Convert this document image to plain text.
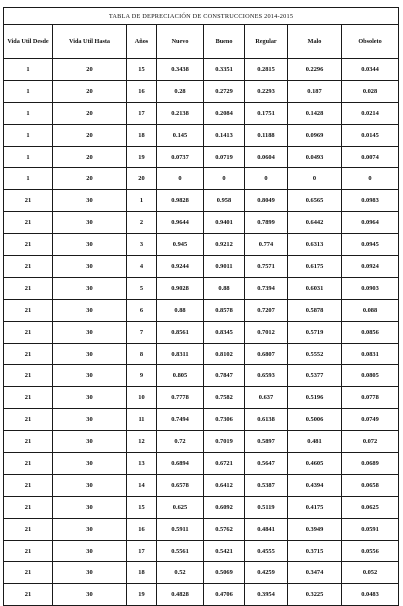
TABLA DE DEPRECIACIÓN DE CONSTRUCCIONES 2014-2015							
Vida Util Desde	Vida Util Hasta	Años	Nuevo	Bueno	Regular	Malo	Obsoleto
1	20	15	0.3438	0.3351	0.2815	0.2296	0.0344
1	20	16	0.28	0.2729	0.2293	0.187	0.028
1	20	17	0.2138	0.2084	0.1751	0.1428	0.0214
1	20	18	0.145	0.1413	0.1188	0.0969	0.0145
1	20	19	0.0737	0.0719	0.0604	0.0493	0.0074
1	20	20	0	0	0	0	0
21	30	1	0.9828	0.958	0.8049	0.6565	0.0983
21	30	2	0.9644	0.9401	0.7899	0.6442	0.0964
21	30	3	0.945	0.9212	0.774	0.6313	0.0945
21	30	4	0.9244	0.9011	0.7571	0.6175	0.0924
21	30	5	0.9028	0.88	0.7394	0.6031	0.0903
21	30	6	0.88	0.8578	0.7207	0.5878	0.088
21	30	7	0.8561	0.8345	0.7012	0.5719	0.0856
21	30	8	0.8311	0.8102	0.6807	0.5552	0.0831
21	30	9	0.805	0.7847	0.6593	0.5377	0.0805
21	30	10	0.7778	0.7582	0.637	0.5196	0.0778
21	30	11	0.7494	0.7306	0.6138	0.5006	0.0749
21	30	12	0.72	0.7019	0.5897	0.481	0.072
21	30	13	0.6894	0.6721	0.5647	0.4605	0.0689
21	30	14	0.6578	0.6412	0.5387	0.4394	0.0658
21	30	15	0.625	0.6092	0.5119	0.4175	0.0625
21	30	16	0.5911	0.5762	0.4841	0.3949	0.0591
21	30	17	0.5561	0.5421	0.4555	0.3715	0.0556
21	30	18	0.52	0.5069	0.4259	0.3474	0.052
21	30	19	0.4828	0.4706	0.3954	0.3225	0.0483
